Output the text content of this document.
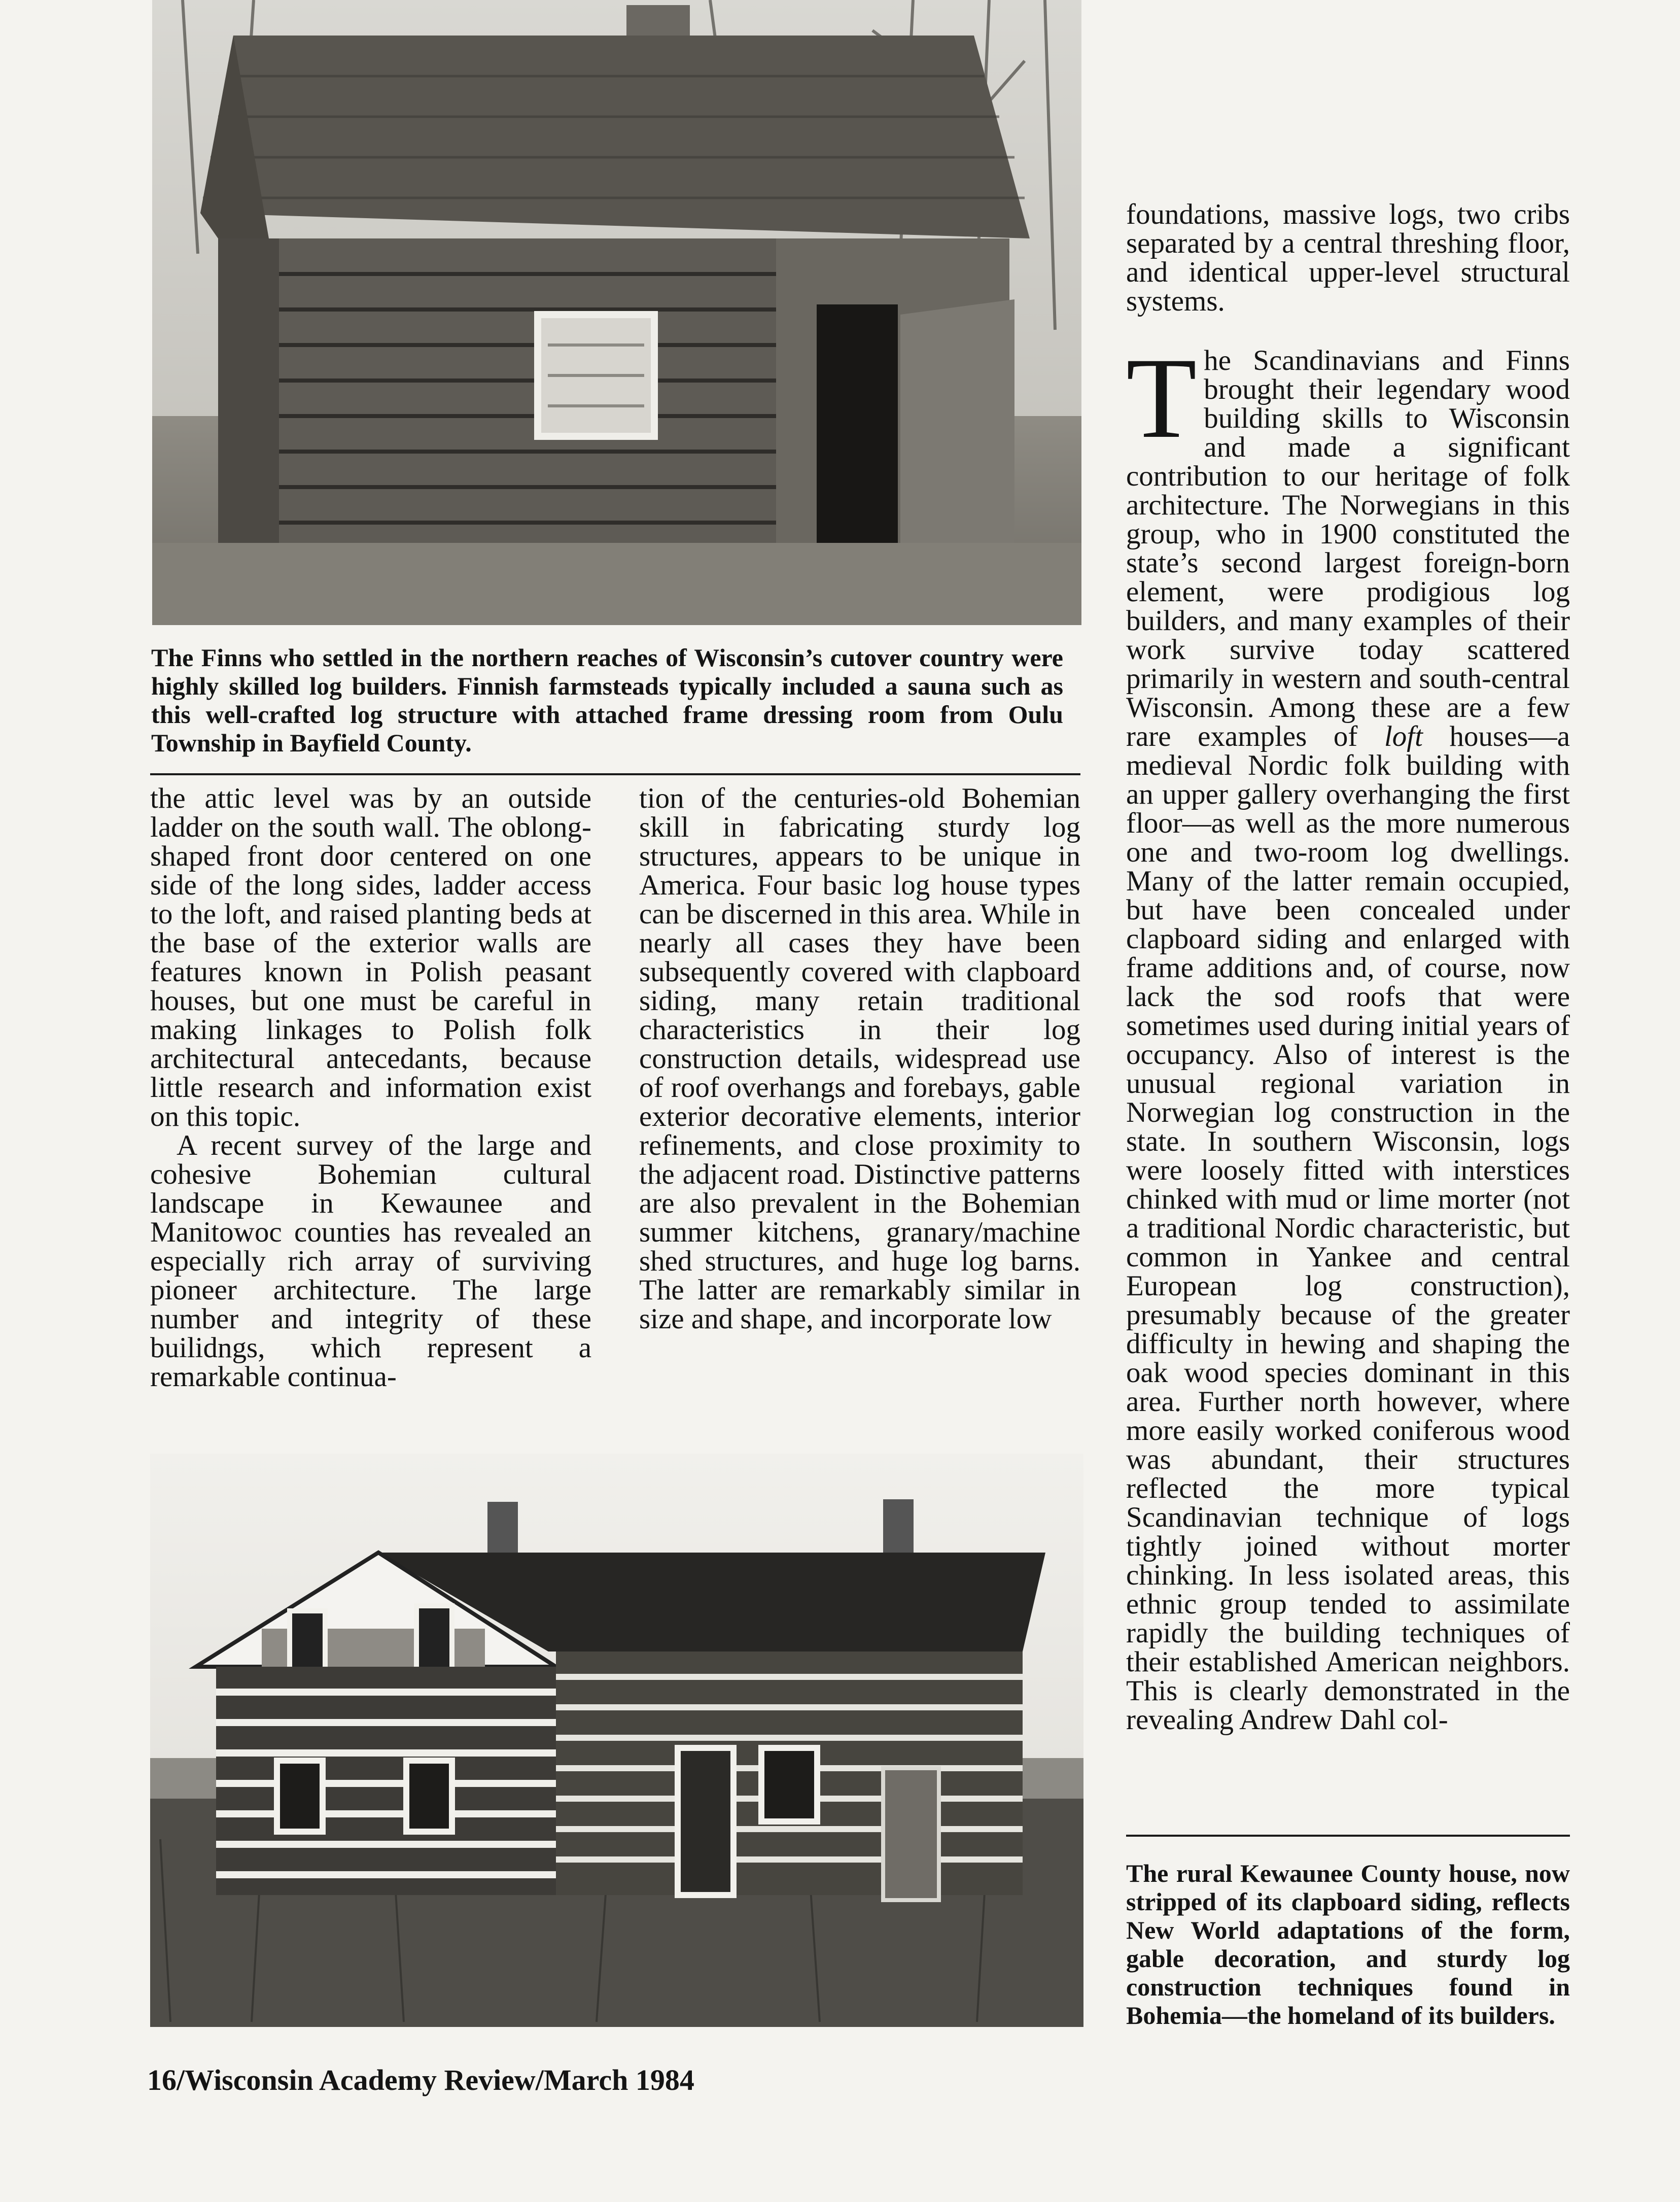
The Finns who settled in the northern reaches of Wisconsin’s cutover country were highly skilled log builders. Finnish farmsteads typically included a sauna such as this well-crafted log structure with attached frame dressing room from Oulu Township in Bayfield County.

the attic level was by an outside ladder on the south wall. The oblong-shaped front door centered on one side of the long sides, ladder access to the loft, and raised planting beds at the base of the exterior walls are features known in Polish peasant houses, but one must be careful in making linkages to Polish folk architectural antecedants, because little research and information exist on this topic.

A recent survey of the large and cohesive Bohemian cultural landscape in Kewaunee and Manitowoc counties has revealed an especially rich array of surviving pioneer architecture. The large number and integrity of these builidngs, which represent a remarkable continua-

tion of the centuries-old Bohemian skill in fabricating sturdy log structures, appears to be unique in America. Four basic log house types can be discerned in this area. While in nearly all cases they have been subsequently covered with clapboard siding, many retain traditional characteristics in their log construction details, widespread use of roof overhangs and forebays, gable exterior decorative elements, interior refinements, and close proximity to the adjacent road. Distinctive patterns are also prevalent in the Bohemian summer kitchens, granary/machine shed structures, and huge log barns. The latter are remarkably similar in size and shape, and incorporate low

foundations, massive logs, two cribs separated by a central threshing floor, and identical upper-level structural systems.

The Scandinavians and Finns brought their legendary wood building skills to Wisconsin and made a significant contribution to our heritage of folk architecture. The Norwegians in this group, who in 1900 constituted the state’s second largest foreign-born element, were prodigious log builders, and many examples of their work survive today scattered primarily in western and south-central Wisconsin. Among these are a few rare examples of loft houses—a medieval Nordic folk building with an upper gallery overhanging the first floor—as well as the more numerous one and two-room log dwellings. Many of the latter remain occupied, but have been concealed under clapboard siding and enlarged with frame additions and, of course, now lack the sod roofs that were sometimes used during initial years of occupancy. Also of interest is the unusual regional variation in Norwegian log construction in the state. In southern Wisconsin, logs were loosely fitted with interstices chinked with mud or lime morter (not a traditional Nordic characteristic, but common in Yankee and central European log construction), presumably because of the greater difficulty in hewing and shaping the oak wood species dominant in this area. Further north however, where more easily worked coniferous wood was abundant, their structures reflected the more typical Scandinavian technique of logs tightly joined without morter chinking. In less isolated areas, this ethnic group tended to assimilate rapidly the building techniques of their established American neighbors. This is clearly demonstrated in the revealing Andrew Dahl col-

The rural Kewaunee County house, now stripped of its clapboard siding, reflects New World adaptations of the form, gable decoration, and sturdy log construction techniques found in Bohemia—the homeland of its builders.

16/Wisconsin Academy Review/March 1984
